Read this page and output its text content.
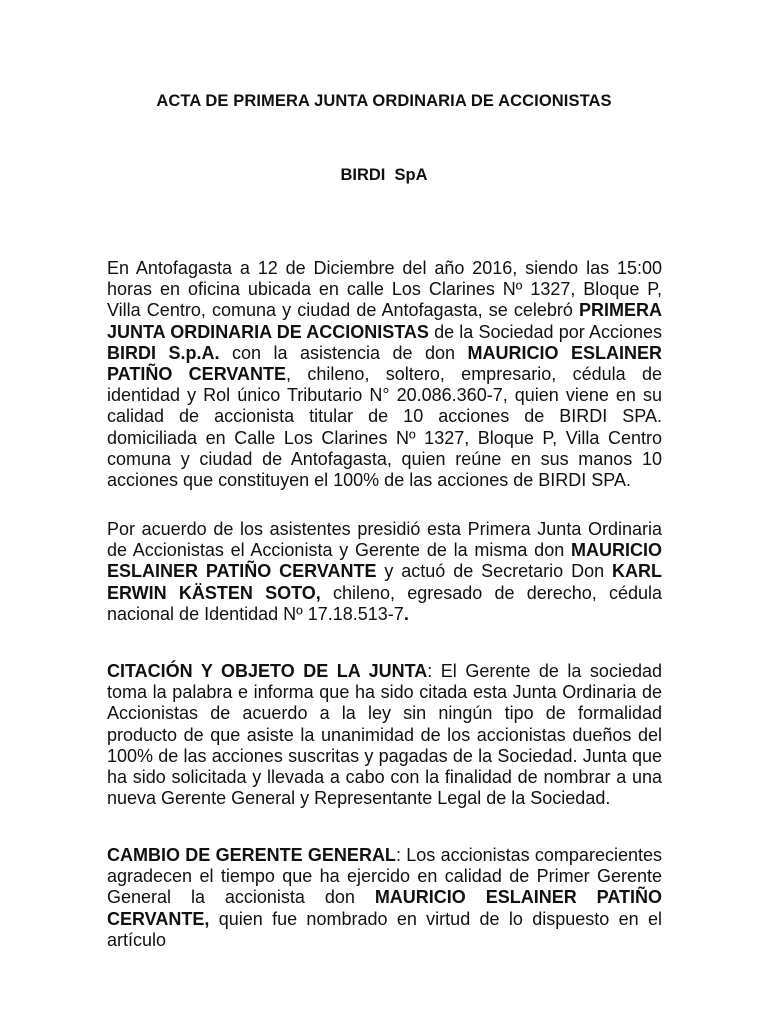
ACTA DE PRIMERA JUNTA ORDINARIA DE ACCIONISTAS
BIRDI  SpA

En Antofagasta a 12 de Diciembre del año 2016, siendo las 15:00 horas en oficina ubicada en calle Los Clarines Nº 1327, Bloque P, Villa Centro, comuna y ciudad de Antofagasta, se celebró PRIMERA JUNTA ORDINARIA DE ACCIONISTAS de la Sociedad por Acciones BIRDI S.p.A. con la asistencia de don MAURICIO ESLAINER PATIÑO CERVANTE, chileno, soltero, empresario, cédula de identidad y Rol único Tributario N° 20.086.360-7, quien viene en su calidad de accionista titular de 10 acciones de BIRDI SPA. domiciliada en Calle Los Clarines Nº 1327, Bloque P, Villa Centro comuna y ciudad de Antofagasta, quien reúne en sus manos 10 acciones que constituyen el 100% de las acciones de BIRDI SPA.

Por acuerdo de los asistentes presidió esta Primera Junta Ordinaria de Accionistas el Accionista y Gerente de la misma don MAURICIO ESLAINER PATIÑO CERVANTE y actuó de Secretario Don KARL ERWIN KÄSTEN SOTO, chileno, egresado de derecho, cédula nacional de Identidad Nº 17.18.513-7.

CITACIÓN Y OBJETO DE LA JUNTA: El Gerente de la sociedad toma la palabra e informa que ha sido citada esta Junta Ordinaria de Accionistas de acuerdo a la ley sin ningún tipo de formalidad producto de que asiste la unanimidad de los accionistas dueños del 100% de las acciones suscritas y pagadas de la Sociedad. Junta que ha sido solicitada y llevada a cabo con la finalidad de nombrar a una nueva Gerente General y Representante Legal de la Sociedad.

CAMBIO DE GERENTE GENERAL: Los accionistas comparecientes agradecen el tiempo que ha ejercido en calidad de Primer Gerente General la accionista don MAURICIO ESLAINER PATIÑO CERVANTE, quien fue nombrado en virtud de lo dispuesto en el artículo
